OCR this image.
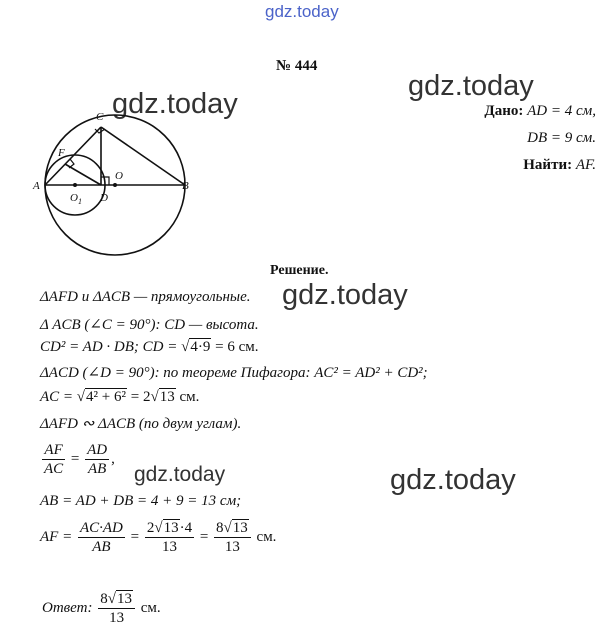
gdz.today
gdz.today
gdz.today
gdz.today
gdz.today	gdz.today
№ 444
Дано: AD = 4 см,
DB = 9 см.
Найти: AF.
C
F
A
O 1 D
O
B
Решение.
ΔAFD и ΔACB — прямоугольные.
Δ ACB (∠C = 90°): CD — высота.
CD² = AD · DB; CD = √4·9 = 6 см.
ΔACD (∠D = 90°): по теореме Пифагора: AC² = AD² + CD²;
AC = √4² + 6² = 2√13 см.
ΔAFD ∾ ΔACB (по двум углам).
$\frac{AF}{AC} = \frac{AD}{AB}$ ,
AB = AD + DB = 4 + 9 = 13 см;
AF = $\frac{AC\cdot AD}{AB} = \frac{2√13\cdot 4}{13} = \frac{8√13}{13}$ см.
Ответ: $\frac{8√13}{13}$ см.
